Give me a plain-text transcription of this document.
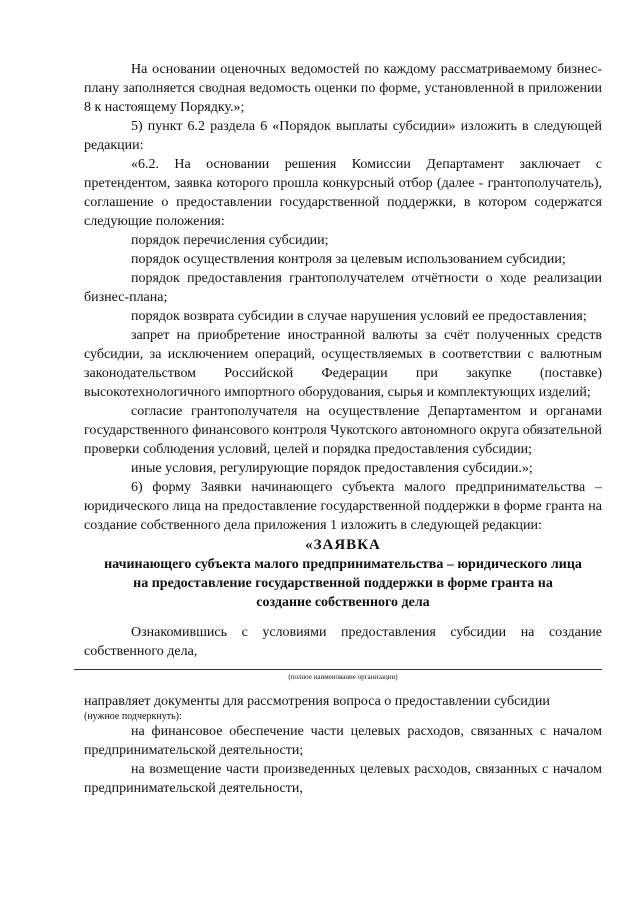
На основании оценочных ведомостей по каждому рассматриваемому бизнес-плану заполняется сводная ведомость оценки по форме, установленной в приложении 8 к настоящему Порядку.»;

5) пункт 6.2 раздела 6 «Порядок выплаты субсидии» изложить в следующей редакции:

«6.2. На основании решения Комиссии Департамент заключает с претендентом, заявка которого прошла конкурсный отбор (далее - грантополучатель), соглашение о предоставлении государственной поддержки, в котором содержатся следующие положения:

порядок перечисления субсидии;

порядок осуществления контроля за целевым использованием субсидии;

порядок предоставления грантополучателем отчётности о ходе реализации бизнес-плана;

порядок возврата субсидии в случае нарушения условий ее предоставления;

запрет на приобретение иностранной валюты за счёт полученных средств субсидии, за исключением операций, осуществляемых в соответствии с валютным законодательством Российской Федерации при закупке (поставке) высокотехнологичного импортного оборудования, сырья и комплектующих изделий;

согласие грантополучателя на осуществление Департаментом и органами государственного финансового контроля Чукотского автономного округа обязательной проверки соблюдения условий, целей и порядка предоставления субсидии;

иные условия, регулирующие порядок предоставления субсидии.»;

6) форму Заявки начинающего субъекта малого предпринимательства – юридического лица на предоставление государственной поддержки в форме гранта на создание собственного дела приложения 1 изложить в следующей редакции:

«ЗАЯВКА
начинающего субъекта малого предпринимательства – юридического лица
на предоставление государственной поддержки в форме гранта на
создание собственного дела

Ознакомившись с условиями предоставления субсидии на создание собственного дела,

(полное наименование организации)

направляет документы для рассмотрения вопроса о предоставлении субсидии

(нужное подчеркнуть):

на финансовое обеспечение части целевых расходов, связанных с началом предпринимательской деятельности;

на возмещение части произведенных целевых расходов, связанных с началом предпринимательской деятельности,
